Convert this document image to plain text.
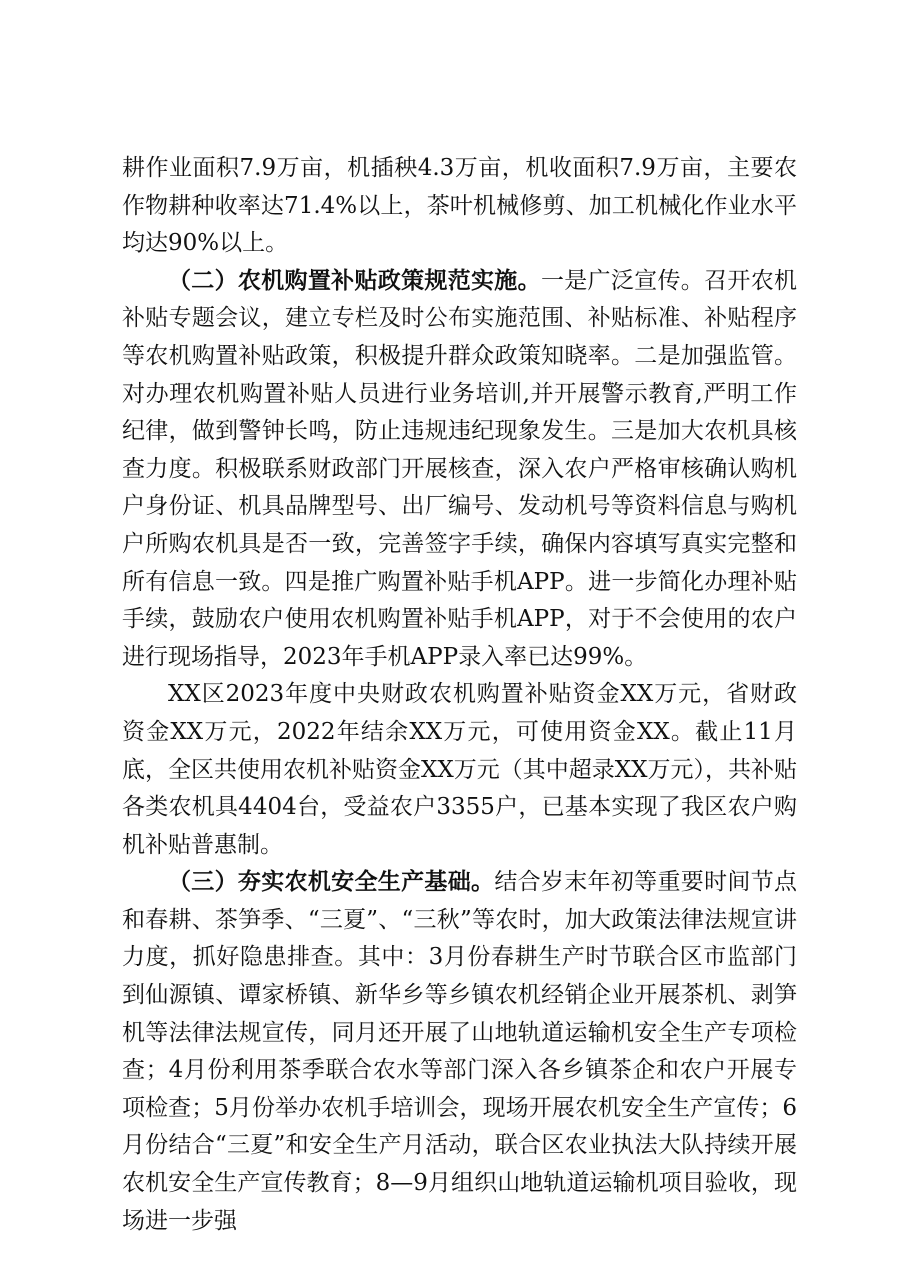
耕作业面积7.9万亩，机插秧4.3万亩，机收面积7.9万亩，主要农作物耕种收率达71.4%以上，茶叶机械修剪、加工机械化作业水平均达90%以上。

（二）农机购置补贴政策规范实施。一是广泛宣传。召开农机补贴专题会议，建立专栏及时公布实施范围、补贴标准、补贴程序等农机购置补贴政策，积极提升群众政策知晓率。二是加强监管。对办理农机购置补贴人员进行业务培训,并开展警示教育,严明工作纪律，做到警钟长鸣，防止违规违纪现象发生。三是加大农机具核查力度。积极联系财政部门开展核查，深入农户严格审核确认购机户身份证、机具品牌型号、出厂编号、发动机号等资料信息与购机户所购农机具是否一致，完善签字手续，确保内容填写真实完整和所有信息一致。四是推广购置补贴手机APP。进一步简化办理补贴手续，鼓励农户使用农机购置补贴手机APP，对于不会使用的农户进行现场指导，2023年手机APP录入率已达99%。

XX区2023年度中央财政农机购置补贴资金XX万元，省财政资金XX万元，2022年结余XX万元，可使用资金XX。截止11月底，全区共使用农机补贴资金XX万元（其中超录XX万元），共补贴各类农机具4404台，受益农户3355户，已基本实现了我区农户购机补贴普惠制。

（三）夯实农机安全生产基础。结合岁末年初等重要时间节点和春耕、茶笋季、“三夏”、“三秋”等农时，加大政策法律法规宣讲力度，抓好隐患排查。其中：3月份春耕生产时节联合区市监部门到仙源镇、谭家桥镇、新华乡等乡镇农机经销企业开展茶机、剥笋机等法律法规宣传，同月还开展了山地轨道运输机安全生产专项检查；4月份利用茶季联合农水等部门深入各乡镇茶企和农户开展专项检查；5月份举办农机手培训会，现场开展农机安全生产宣传；6月份结合“三夏”和安全生产月活动，联合区农业执法大队持续开展农机安全生产宣传教育；8—9月组织山地轨道运输机项目验收，现场进一步强
